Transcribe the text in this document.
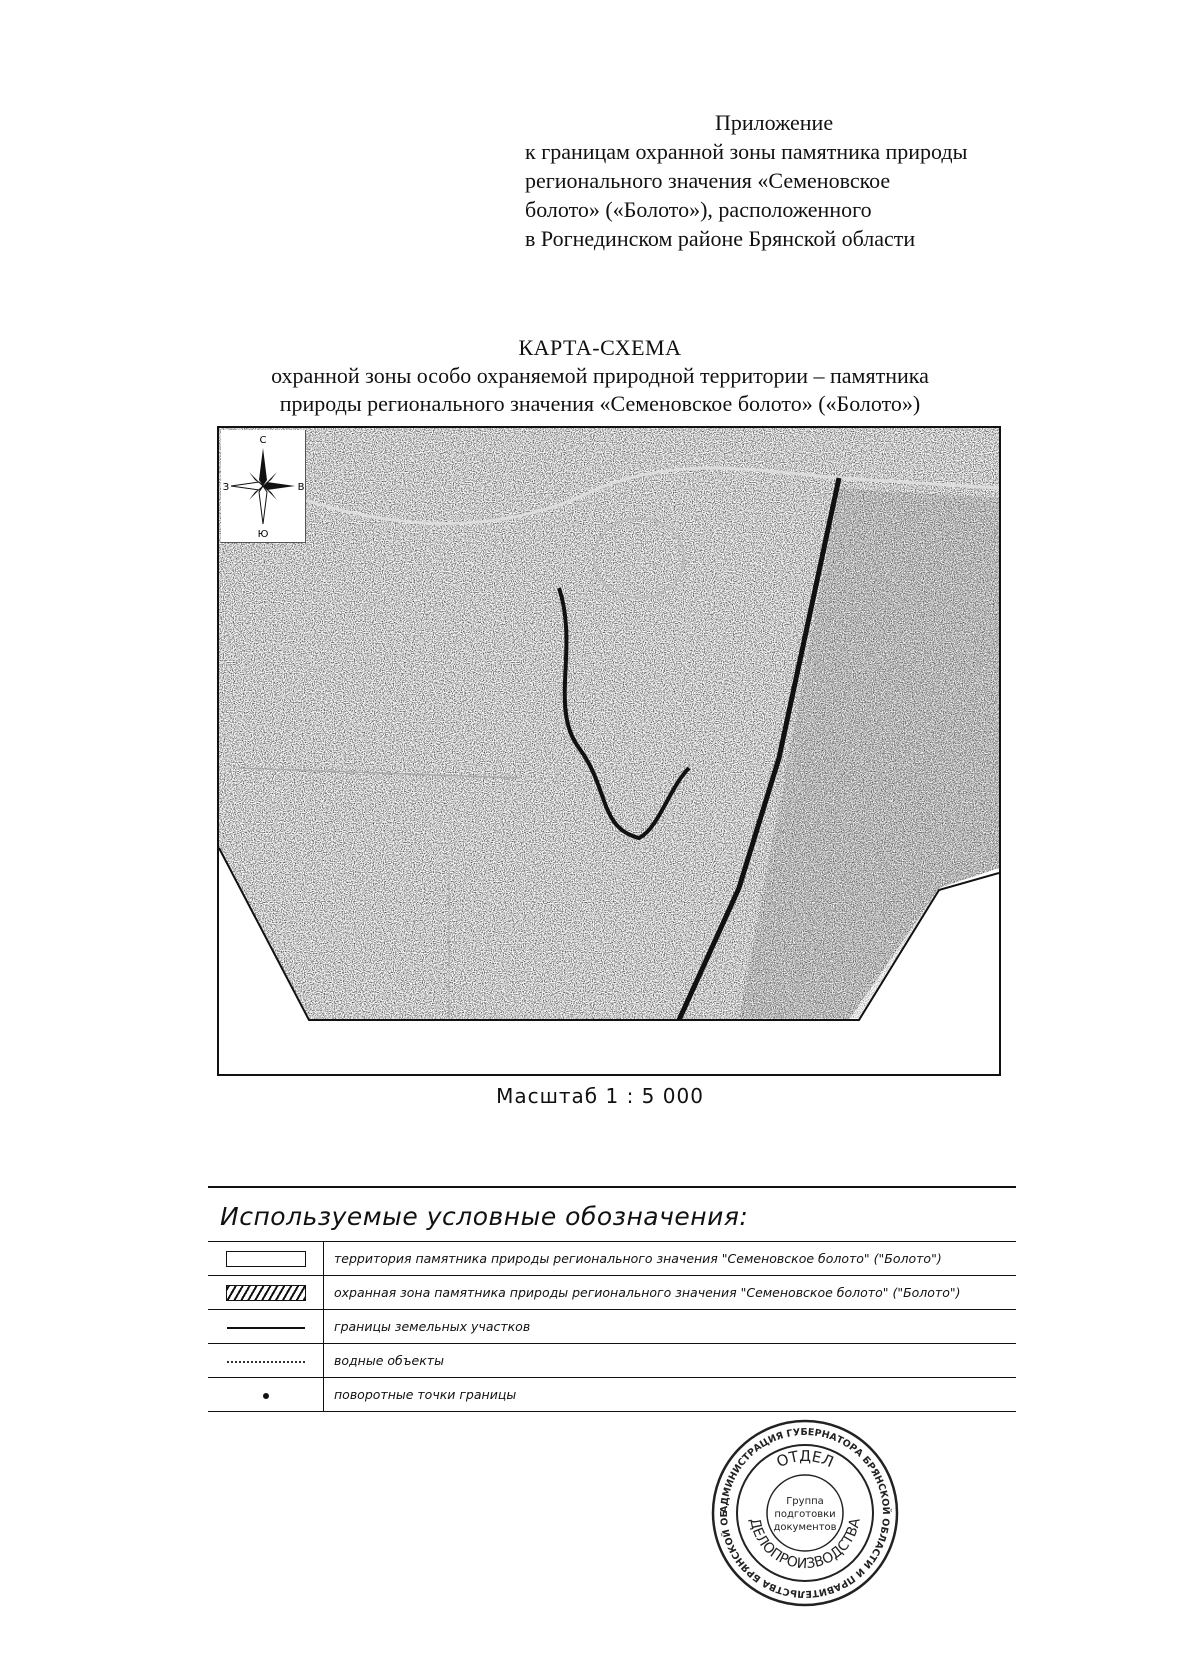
Приложение
к границам охранной зоны памятника природы
регионального значения «Семеновское
болото» («Болото»), расположенного
в Рогнединском районе Брянской области
КАРТА-СХЕМА
охранной зоны особо охраняемой природной территории – памятника
природы регионального значения «Семеновское болото» («Болото»)
С
Ю
З	В
Масштаб 1 : 5 000
Используемые условные обозначения:
	территория памятника природы регионального значения "Семеновское болото" ("Болото")
	охранная зона памятника природы регионального значения "Семеновское болото" ("Болото")
	границы земельных участков
	водные объекты
	поворотные точки границы
АДМИНИСТРАЦИЯ ГУБЕРНАТОРА БРЯНСКОЙ ОБЛАСТИ И ПРАВИТЕЛЬСТВА БРЯНСКОЙ ОБ
ОТДЕЛ
ДЕЛОПРОИЗВОДСТВА
Группа
подготовки
документов
